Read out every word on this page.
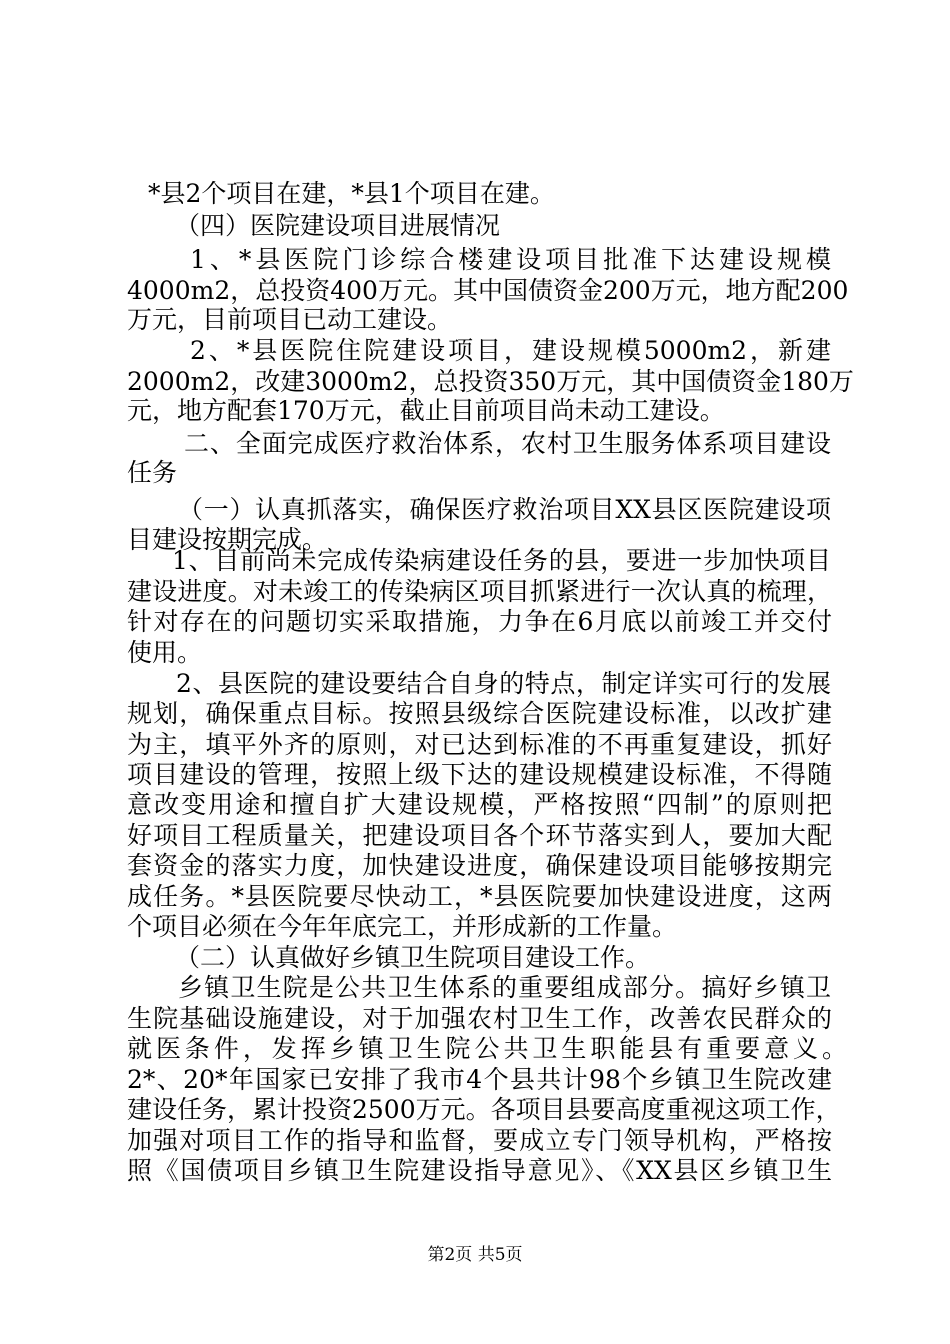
*县2个项目在建，*县1个项目在建。
（四）医院建设项目进展情况
1、*县医院门诊综合楼建设项目批准下达建设规模
4000m2，总投资400万元。其中国债资金200万元，地方配200
万元，目前项目已动工建设。
2、*县医院住院建设项目，建设规模5000m2，新建
2000m2，改建3000m2，总投资350万元，其中国债资金180万
元，地方配套170万元，截止目前项目尚未动工建设。
二、全面完成医疗救治体系，农村卫生服务体系项目建设
任务
（一）认真抓落实，确保医疗救治项目XX县区医院建设项
目建设按期完成。
1、目前尚未完成传染病建设任务的县，要进一步加快项目
建设进度。对未竣工的传染病区项目抓紧进行一次认真的梳理，
针对存在的问题切实采取措施，力争在6月底以前竣工并交付
使用。
2、县医院的建设要结合自身的特点，制定详实可行的发展
规划，确保重点目标。按照县级综合医院建设标准，以改扩建
为主，填平外齐的原则，对已达到标准的不再重复建设，抓好
项目建设的管理，按照上级下达的建设规模建设标准，不得随
意改变用途和擅自扩大建设规模，严格按照“四制”的原则把
好项目工程质量关，把建设项目各个环节落实到人，要加大配
套资金的落实力度，加快建设进度，确保建设项目能够按期完
成任务。*县医院要尽快动工，*县医院要加快建设进度，这两
个项目必须在今年年底完工，并形成新的工作量。
（二）认真做好乡镇卫生院项目建设工作。
乡镇卫生院是公共卫生体系的重要组成部分。搞好乡镇卫
生院基础设施建设，对于加强农村卫生工作，改善农民群众的
就医条件，发挥乡镇卫生院公共卫生职能县有重要意义。
2*、20*年国家已安排了我市4个县共计98个乡镇卫生院改建
建设任务，累计投资2500万元。各项目县要高度重视这项工作，
加强对项目工作的指导和监督，要成立专门领导机构，严格按
照《国债项目乡镇卫生院建设指导意见》、《XX县区乡镇卫生
第2页 共5页
